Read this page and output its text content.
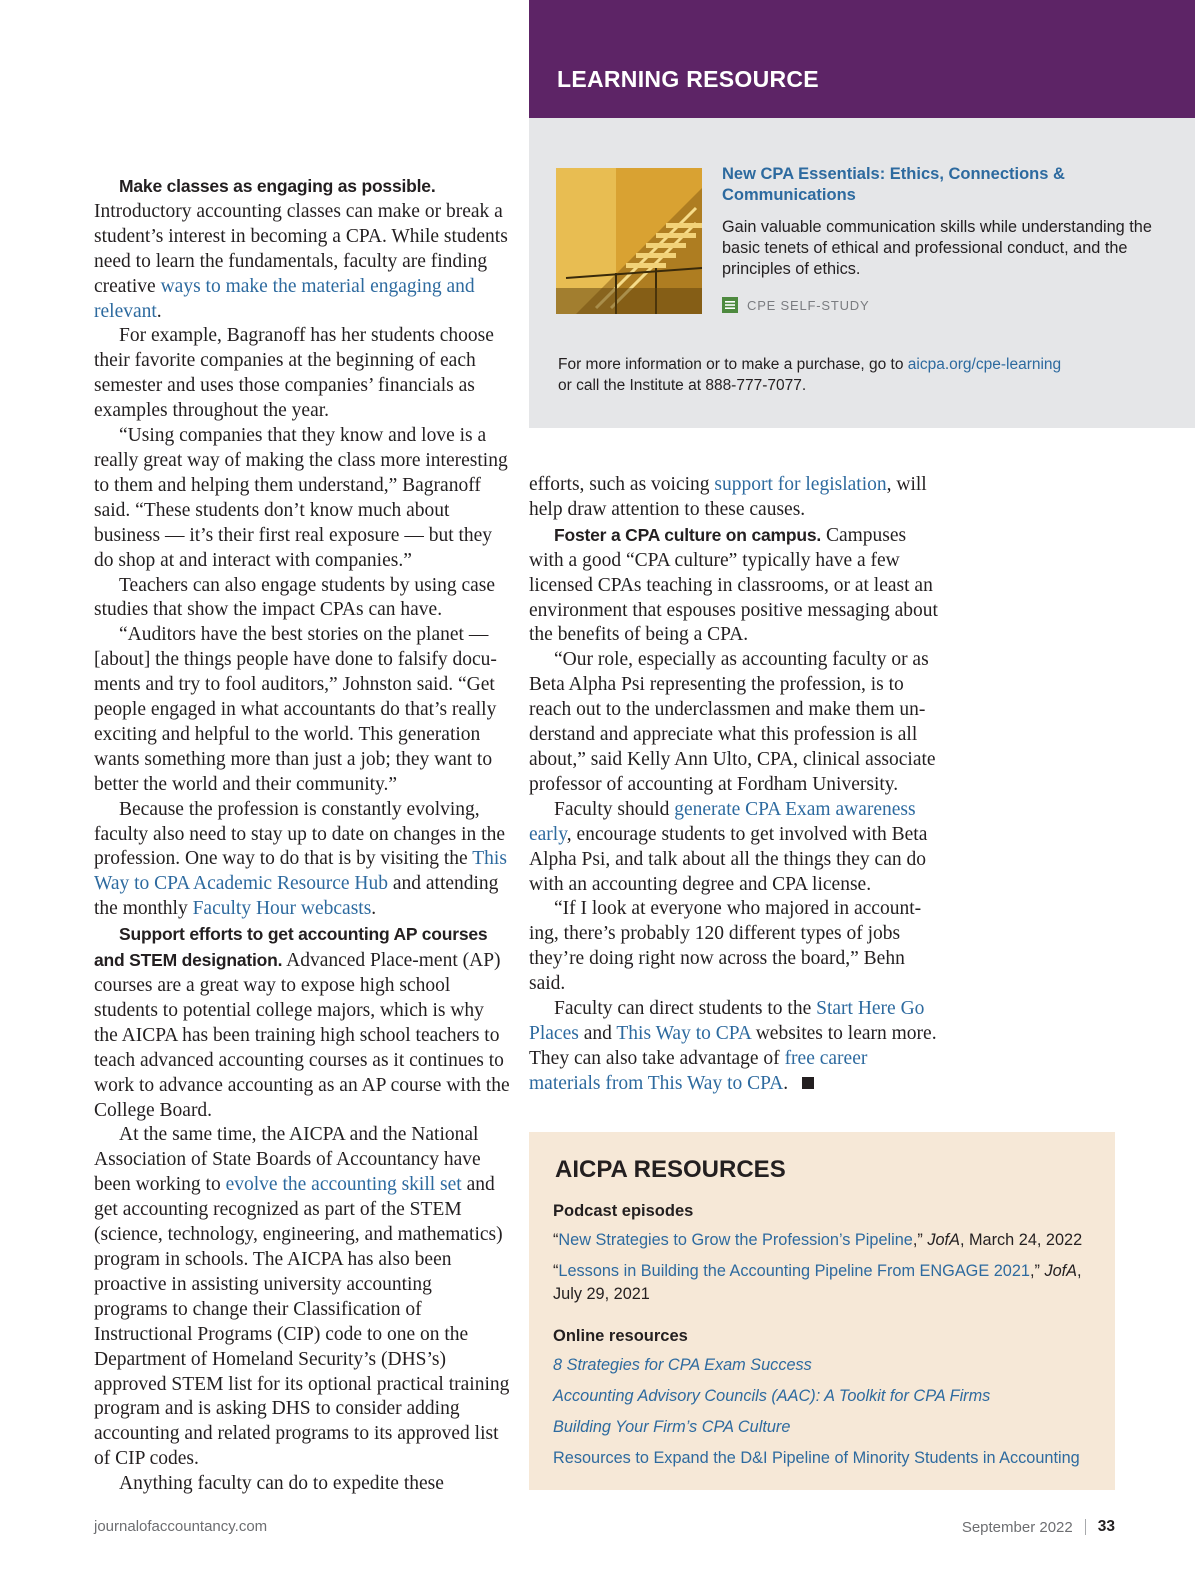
LEARNING RESOURCE
New CPA Essentials: Ethics, Connections & Communications
Gain valuable communication skills while understanding the basic tenets of ethical and professional conduct, and the principles of ethics.
CPE SELF-STUDY
For more information or to make a purchase, go to aicpa.org/cpe-learning
or call the Institute at 888-777-7077.

Make classes as engaging as possible.

Introductory accounting classes can make or break a student’s interest in becoming a CPA. While students need to learn the fundamentals, faculty are finding creative ways to make the material engaging and relevant.

For example, Bagranoff has her students choose their favorite companies at the beginning of each semester and uses those companies’ financials as examples throughout the year.

“Using companies that they know and love is a really great way of making the class more interesting to them and helping them understand,” Bagranoff said. “These students don’t know much about business — it’s their first real exposure — but they do shop at and interact with companies.”

Teachers can also engage students by using case studies that show the impact CPAs can have.

“Auditors have the best stories on the planet — [about] the things people have done to falsify docu-ments and try to fool auditors,” Johnston said. “Get people engaged in what accountants do that’s really exciting and helpful to the world. This generation wants something more than just a job; they want to better the world and their community.”

Because the profession is constantly evolving, faculty also need to stay up to date on changes in the profession. One way to do that is by visiting the This Way to CPA Academic Resource Hub and attending the monthly Faculty Hour webcasts.

Support efforts to get accounting AP courses and STEM designation. Advanced Place-ment (AP) courses are a great way to expose high school students to potential college majors, which is why the AICPA has been training high school teachers to teach advanced accounting courses as it continues to work to advance accounting as an AP course with the College Board.

At the same time, the AICPA and the National Association of State Boards of Accountancy have been working to evolve the accounting skill set and get accounting recognized as part of the STEM (science, technology, engineering, and mathematics) program in schools. The AICPA has also been proactive in assisting university accounting programs to change their Classification of Instructional Programs (CIP) code to one on the Department of Homeland Security’s (DHS’s) approved STEM list for its optional practical training program and is asking DHS to consider adding accounting and related programs to its approved list of CIP codes.

Anything faculty can do to expedite these

efforts, such as voicing support for legislation, will help draw attention to these causes.

Foster a CPA culture on campus. Campuses with a good “CPA culture” typically have a few licensed CPAs teaching in classrooms, or at least an environment that espouses positive messaging about the benefits of being a CPA.

“Our role, especially as accounting faculty or as Beta Alpha Psi representing the profession, is to reach out to the underclassmen and make them un-derstand and appreciate what this profession is all about,” said Kelly Ann Ulto, CPA, clinical associate professor of accounting at Fordham University.

Faculty should generate CPA Exam awareness early, encourage students to get involved with Beta Alpha Psi, and talk about all the things they can do with an accounting degree and CPA license.

“If I look at everyone who majored in account-ing, there’s probably 120 different types of jobs they’re doing right now across the board,” Behn said.

Faculty can direct students to the Start Here Go Places and This Way to CPA websites to learn more. They can also take advantage of free career materials from This Way to CPA.

AICPA RESOURCES
Podcast episodes
“New Strategies to Grow the Profession’s Pipeline,” JofA, March 24, 2022
“Lessons in Building the Accounting Pipeline From ENGAGE 2021,” JofA, July 29, 2021
Online resources
8 Strategies for CPA Exam Success
Accounting Advisory Councils (AAC): A Toolkit for CPA Firms
Building Your Firm’s CPA Culture
Resources to Expand the D&I Pipeline of Minority Students in Accounting
journalofaccountancy.com	September 2022 33
